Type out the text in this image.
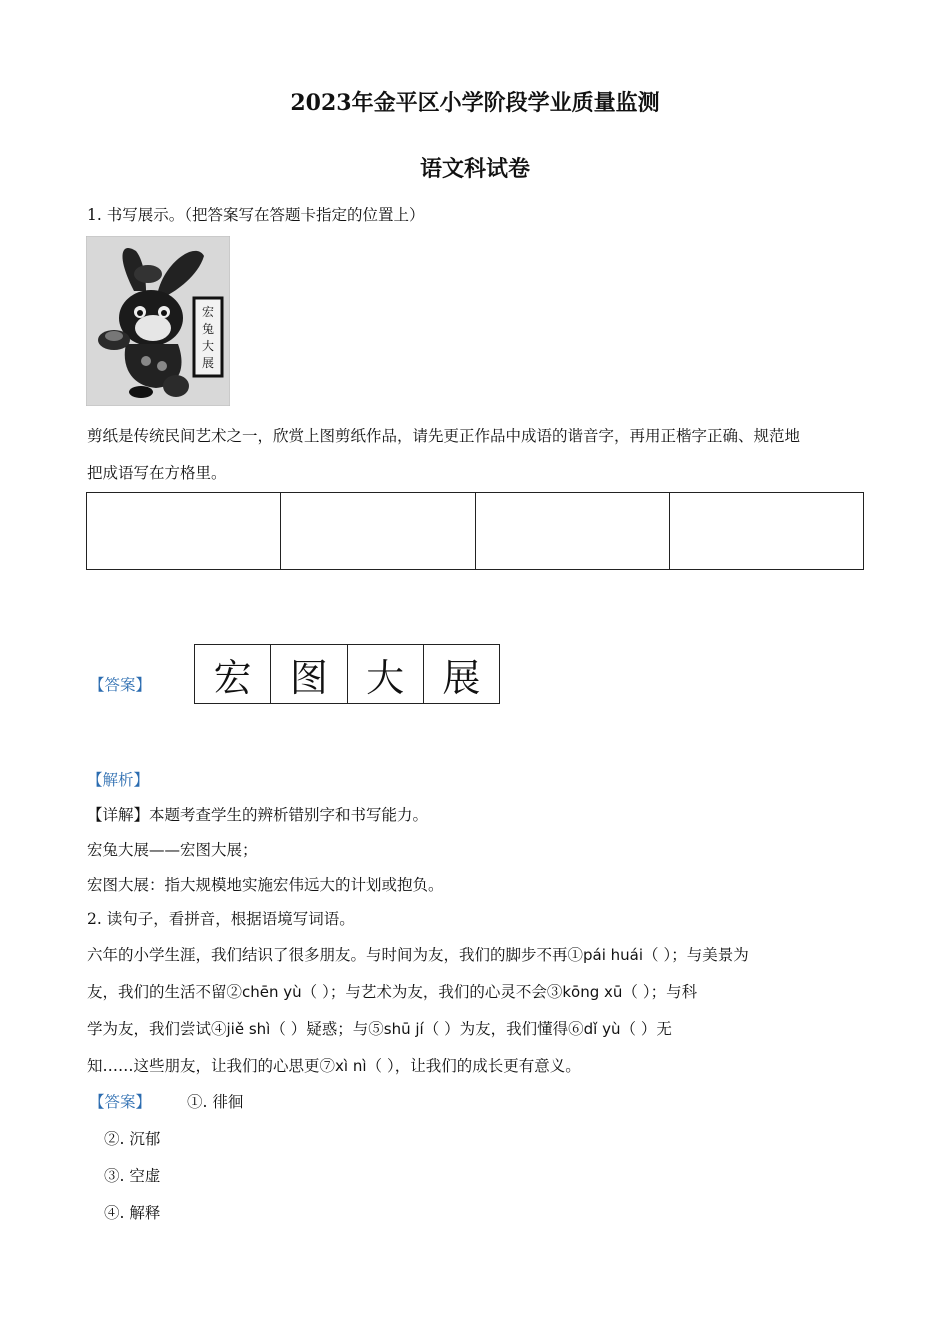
2023年金平区小学阶段学业质量监测
语文科试卷
1. 书写展示。（把答案写在答题卡指定的位置上）
宏
兔
大
展
剪纸是传统民间艺术之一，欣赏上图剪纸作品，请先更正作品中成语的谐音字，再用正楷字正确、规范地
把成语写在方格里。
【答案】	宏	图	大	展
【解析】
【详解】本题考查学生的辨析错别字和书写能力。
宏兔大展——宏图大展；
宏图大展：指大规模地实施宏伟远大的计划或抱负。
2. 读句子，看拼音，根据语境写词语。
六年的小学生涯，我们结识了很多朋友。与时间为友，我们的脚步不再①pái huái（ ）；与美景为
友，我们的生活不留②chēn yù（ ）；与艺术为友，我们的心灵不会③kōng xū（ ）；与科
学为友，我们尝试④jiě shì（ ）疑惑；与⑤shū jí（ ）为友，我们懂得⑥dǐ yù（ ）无
知……这些朋友，让我们的心思更⑦xì nì（ ），让我们的成长更有意义。
【答案】 ①. 徘徊
②. 沉郁
③. 空虚
④. 解释
